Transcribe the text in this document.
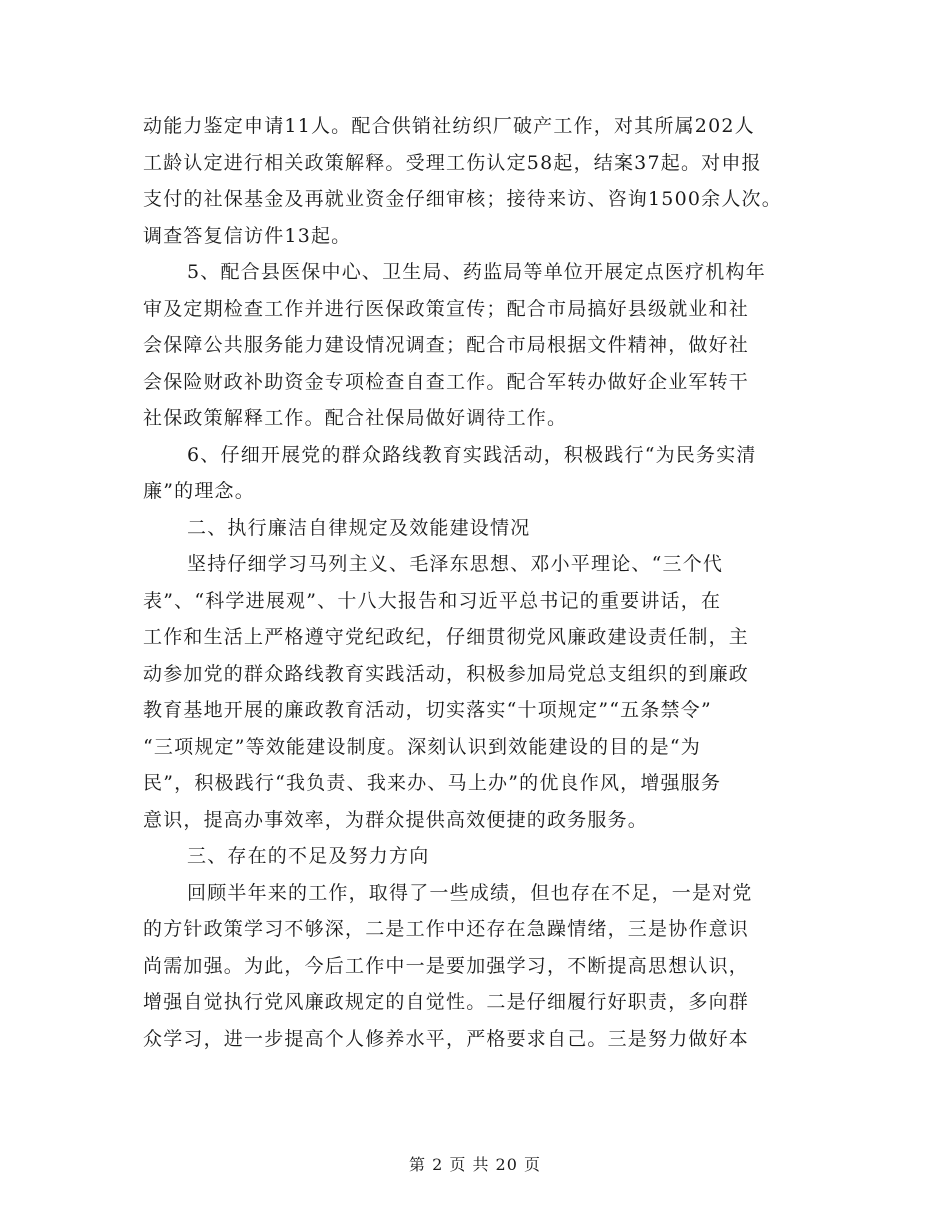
动能力鉴定申请11人。配合供销社纺织厂破产工作，对其所属202人
工龄认定进行相关政策解释。受理工伤认定58起，结案37起。对申报
支付的社保基金及再就业资金仔细审核；接待来访、咨询1500余人次。
调查答复信访件13起。
5、配合县医保中心、卫生局、药监局等单位开展定点医疗机构年
审及定期检查工作并进行医保政策宣传；配合市局搞好县级就业和社
会保障公共服务能力建设情况调查；配合市局根据文件精神，做好社
会保险财政补助资金专项检查自查工作。配合军转办做好企业军转干
社保政策解释工作。配合社保局做好调待工作。
6、仔细开展党的群众路线教育实践活动，积极践行“为民务实清
廉”的理念。
二、执行廉洁自律规定及效能建设情况
坚持仔细学习马列主义、毛泽东思想、邓小平理论、“三个代
表”、“科学进展观”、十八大报告和习近平总书记的重要讲话，在
工作和生活上严格遵守党纪政纪，仔细贯彻党风廉政建设责任制，主
动参加党的群众路线教育实践活动，积极参加局党总支组织的到廉政
教育基地开展的廉政教育活动，切实落实“十项规定”“五条禁令”
“三项规定”等效能建设制度。深刻认识到效能建设的目的是“为
民”，积极践行“我负责、我来办、马上办”的优良作风，增强服务
意识，提高办事效率，为群众提供高效便捷的政务服务。
三、存在的不足及努力方向
回顾半年来的工作，取得了一些成绩，但也存在不足，一是对党
的方针政策学习不够深，二是工作中还存在急躁情绪，三是协作意识
尚需加强。为此，今后工作中一是要加强学习，不断提高思想认识，
增强自觉执行党风廉政规定的自觉性。二是仔细履行好职责，多向群
众学习，进一步提高个人修养水平，严格要求自己。三是努力做好本
第 2 页 共 20 页
